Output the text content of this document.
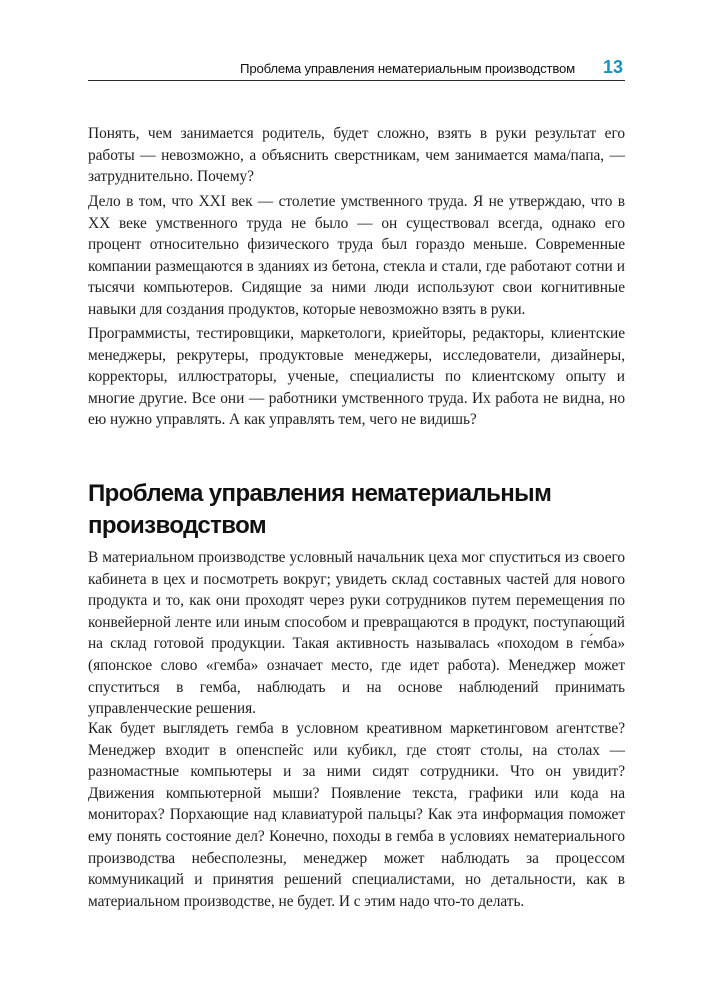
Проблема управления нематериальным производством 13

Понять, чем занимается родитель, будет сложно, взять в руки результат его работы — невозможно, а объяснить сверстникам, чем занимается мама/папа, — затруднительно. Почему?

Дело в том, что XXI век — столетие умственного труда. Я не утверждаю, что в XX веке умственного труда не было — он существовал всегда, однако его процент относительно физического труда был гораздо меньше. Современные компании размещаются в зданиях из бетона, стекла и стали, где работают сотни и тысячи компьютеров. Сидящие за ними люди используют свои когнитивные навыки для создания продуктов, которые невозможно взять в руки.

Программисты, тестировщики, маркетологи, криейторы, редакторы, клиентские менеджеры, рекрутеры, продуктовые менеджеры, исследователи, дизайнеры, корректоры, иллюстраторы, ученые, специалисты по клиентскому опыту и многие другие. Все они — работники умственного труда. Их работа не видна, но ею нужно управлять. А как управлять тем, чего не видишь?

Проблема управления нематериальным производством

В материальном производстве условный начальник цеха мог спуститься из своего кабинета в цех и посмотреть вокруг; увидеть склад составных частей для нового продукта и то, как они проходят через руки сотрудников путем перемещения по конвейерной ленте или иным способом и превращаются в продукт, поступающий на склад готовой продукции. Такая активность называлась «походом в ге́мба» (японское слово «гемба» означает место, где идет работа). Менеджер может спуститься в гемба, наблюдать и на основе наблюдений принимать управленческие решения.

Как будет выглядеть гемба в условном креативном маркетинговом агентстве? Менеджер входит в опенспейс или кубикл, где стоят столы, на столах — разномастные компьютеры и за ними сидят сотрудники. Что он увидит? Движения компьютерной мыши? Появление текста, графики или кода на мониторах? Порхающие над клавиатурой пальцы? Как эта информация поможет ему понять состояние дел? Конечно, походы в гемба в условиях нематериального производства небесполезны, менеджер может наблюдать за процессом коммуникаций и принятия решений специалистами, но детальности, как в материальном производстве, не будет. И с этим надо что-то делать.
